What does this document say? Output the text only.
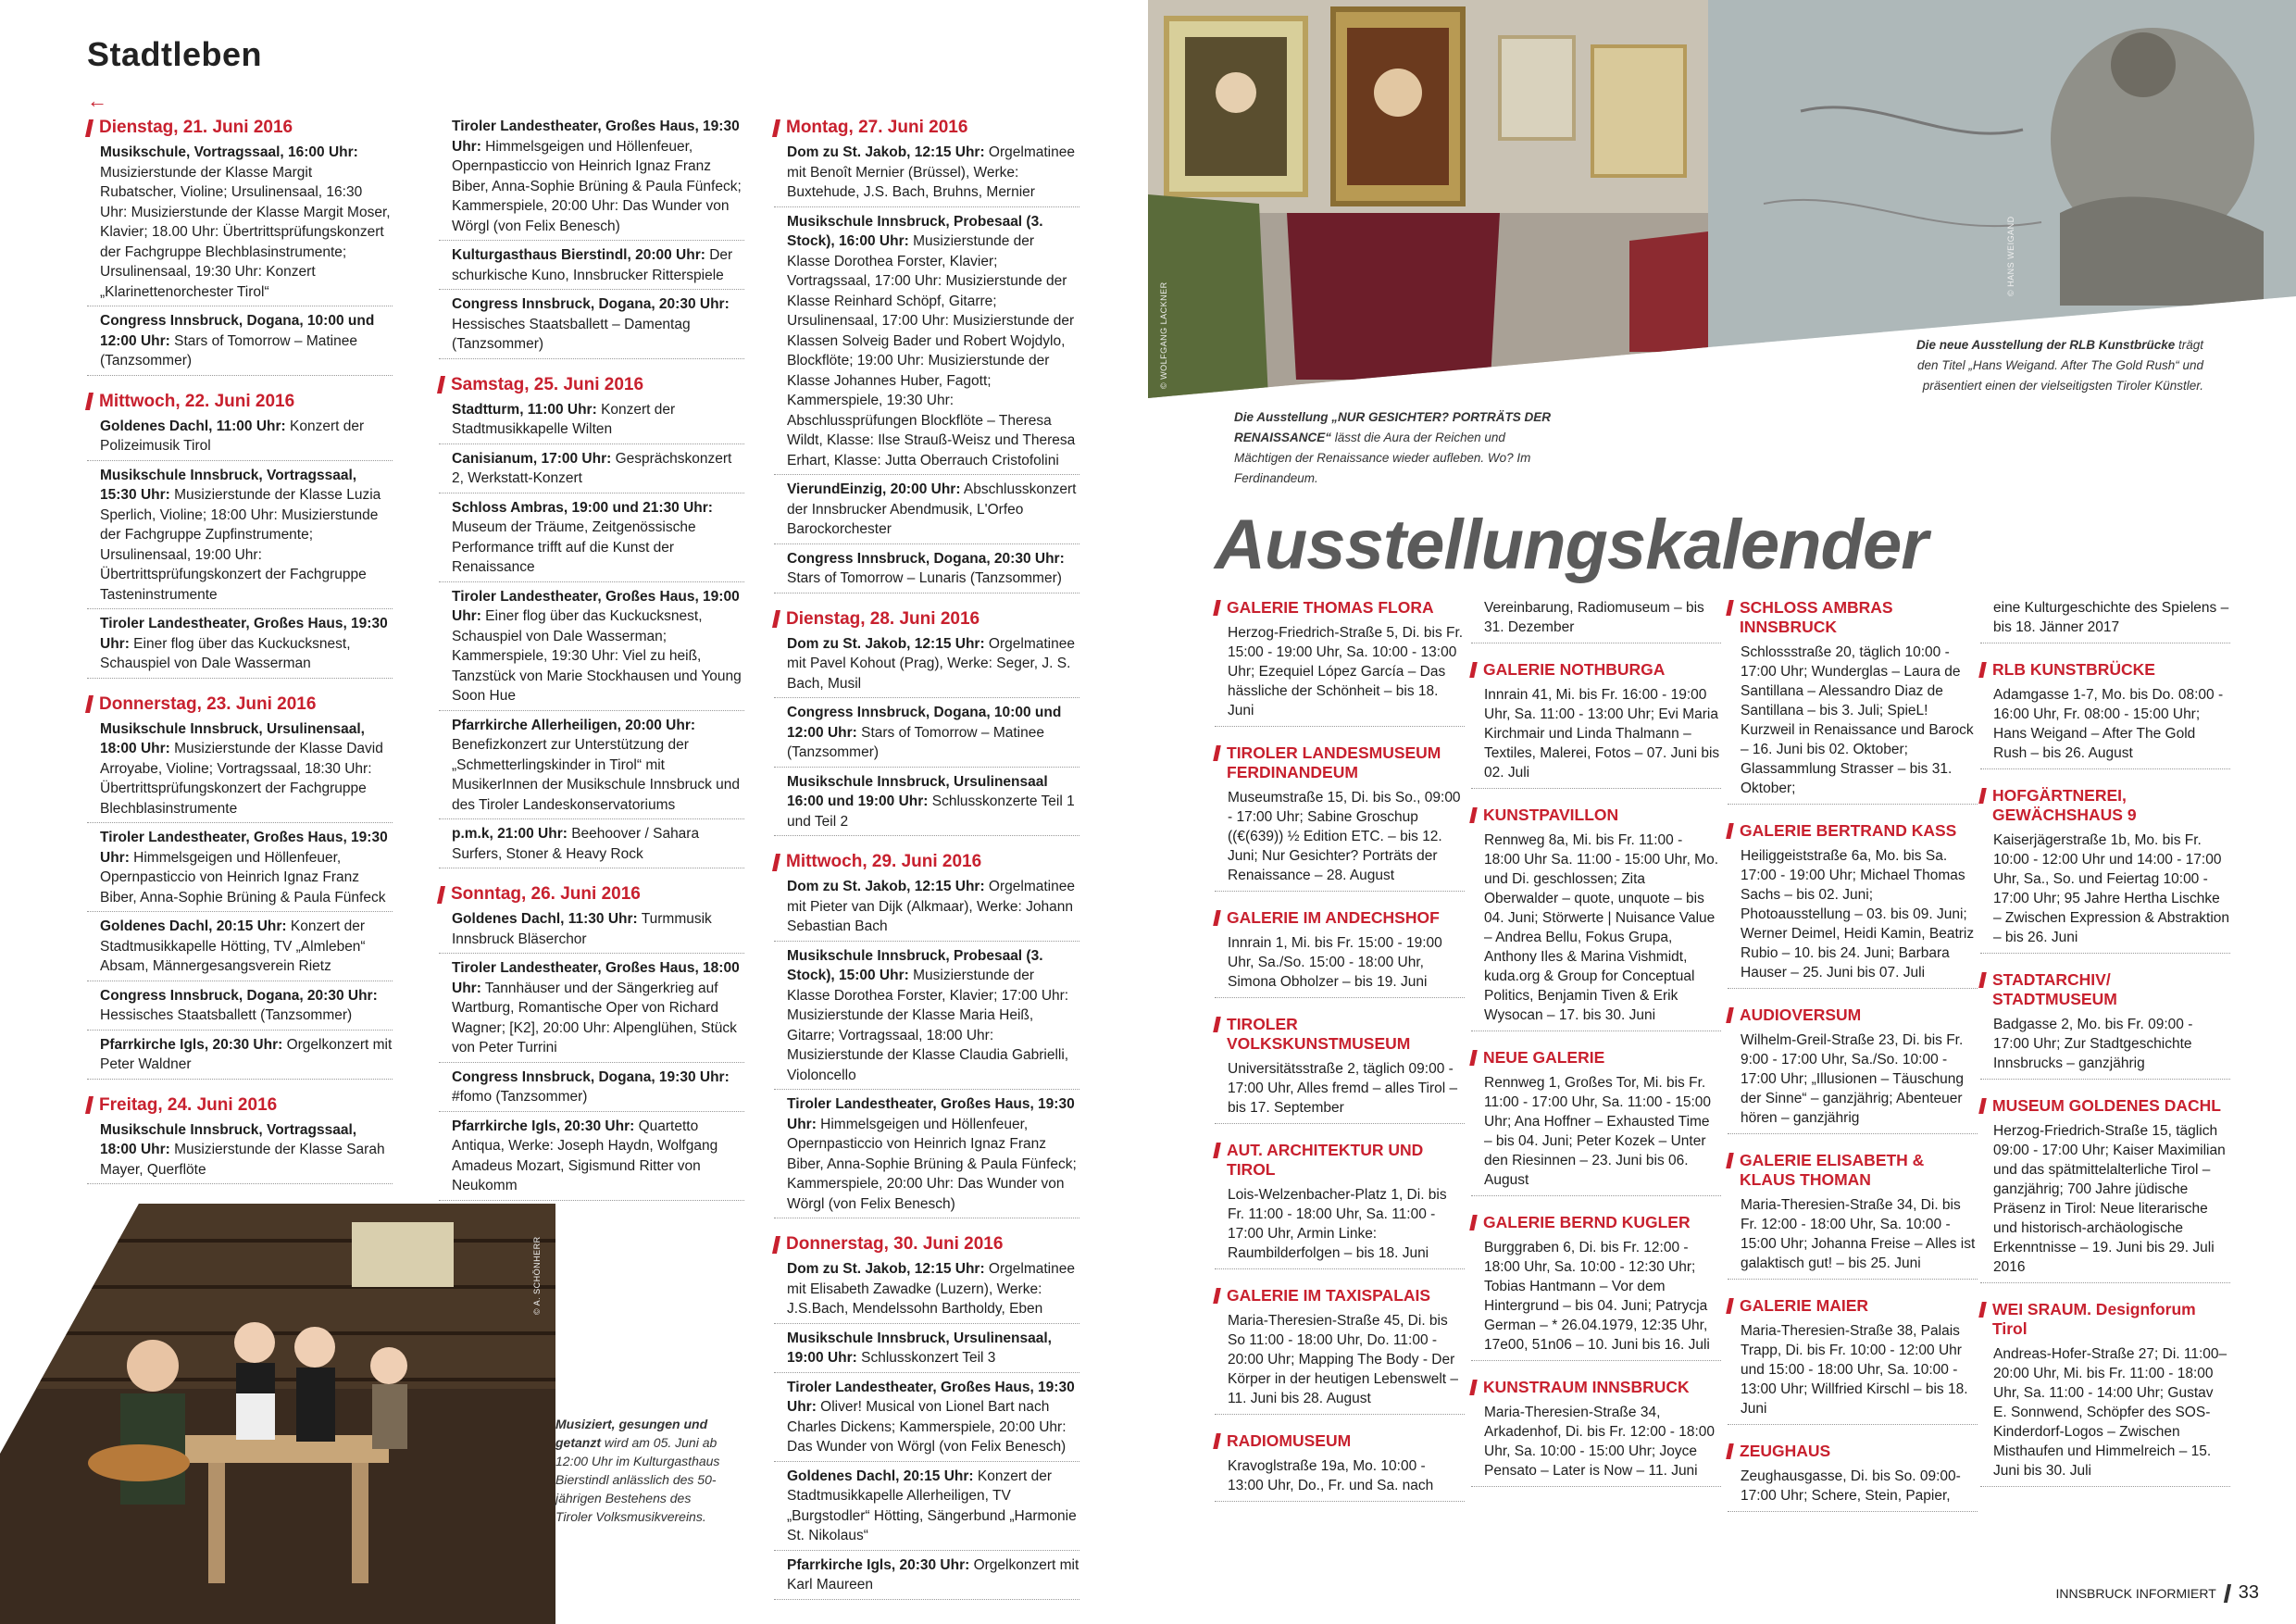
Stadtleben
←
Dienstag, 21. Juni 2016
Musikschule, Vortragssaal, 16:00 Uhr: Musizierstunde der Klasse Margit Rubatscher, Violine; Ursulinensaal, 16:30 Uhr: Musizierstunde der Klasse Margit Moser, Klavier; 18.00 Uhr: Übertrittsprüfungskonzert der Fachgruppe Blechblasinstrumente; Ursulinensaal, 19:30 Uhr: Konzert „Klarinettenorchester Tirol“
Congress Innsbruck, Dogana, 10:00 und 12:00 Uhr: Stars of Tomorrow – Matinee (Tanzsommer)
Mittwoch, 22. Juni 2016
Goldenes Dachl, 11:00 Uhr: Konzert der Polizeimusik Tirol
Musikschule Innsbruck, Vortragssaal, 15:30 Uhr: Musizierstunde der Klasse Luzia Sperlich, Violine; 18:00 Uhr: Musizierstunde der Fachgruppe Zupfinstrumente; Ursulinensaal, 19:00 Uhr: Übertrittsprüfungskonzert der Fachgruppe Tasteninstrumente
Tiroler Landestheater, Großes Haus, 19:30 Uhr: Einer flog über das Kuckucksnest, Schauspiel von Dale Wasserman
Donnerstag, 23. Juni 2016
Musikschule Innsbruck, Ursulinensaal, 18:00 Uhr: Musizierstunde der Klasse David Arroyabe, Violine; Vortragssaal, 18:30 Uhr: Übertrittsprüfungskonzert der Fachgruppe Blechblasinstrumente
Tiroler Landestheater, Großes Haus, 19:30 Uhr: Himmelsgeigen und Höllenfeuer, Opernpasticcio von Heinrich Ignaz Franz Biber, Anna-Sophie Brüning & Paula Fünfeck
Goldenes Dachl, 20:15 Uhr: Konzert der Stadtmusikkapelle Hötting, TV „Almleben“ Absam, Männergesangsverein Rietz
Congress Innsbruck, Dogana, 20:30 Uhr: Hessisches Staatsballett (Tanzsommer)
Pfarrkirche Igls, 20:30 Uhr: Orgelkonzert mit Peter Waldner
Freitag, 24. Juni 2016
Musikschule Innsbruck, Vortragssaal, 18:00 Uhr: Musizierstunde der Klasse Sarah Mayer, Querflöte
Tiroler Landestheater, Großes Haus, 19:30 Uhr: Himmelsgeigen und Höllenfeuer, Opernpasticcio von Heinrich Ignaz Franz Biber, Anna-Sophie Brüning & Paula Fünfeck; Kammerspiele, 20:00 Uhr: Das Wunder von Wörgl (von Felix Benesch)
Kulturgasthaus Bierstindl, 20:00 Uhr: Der schurkische Kuno, Innsbrucker Ritterspiele
Congress Innsbruck, Dogana, 20:30 Uhr: Hessisches Staatsballett – Damentag (Tanzsommer)
Samstag, 25. Juni 2016
Stadtturm, 11:00 Uhr: Konzert der Stadtmusikkapelle Wilten
Canisianum, 17:00 Uhr: Gesprächskonzert 2, Werkstatt-Konzert
Schloss Ambras, 19:00 und 21:30 Uhr: Museum der Träume, Zeitgenössische Performance trifft auf die Kunst der Renaissance
Tiroler Landestheater, Großes Haus, 19:00 Uhr: Einer flog über das Kuckucksnest, Schauspiel von Dale Wasserman; Kammerspiele, 19:30 Uhr: Viel zu heiß, Tanzstück von Marie Stockhausen und Young Soon Hue
Pfarrkirche Allerheiligen, 20:00 Uhr: Benefizkonzert zur Unterstützung der „Schmetterlingskinder in Tirol“ mit MusikerInnen der Musikschule Innsbruck und des Tiroler Landeskonservatoriums
p.m.k, 21:00 Uhr: Beehoover / Sahara Surfers, Stoner & Heavy Rock
Sonntag, 26. Juni 2016
Goldenes Dachl, 11:30 Uhr: Turmmusik Innsbruck Bläserchor
Tiroler Landestheater, Großes Haus, 18:00 Uhr: Tannhäuser und der Sängerkrieg auf Wartburg, Romantische Oper von Richard Wagner; [K2], 20:00 Uhr: Alpenglühen, Stück von Peter Turrini
Congress Innsbruck, Dogana, 19:30 Uhr: #fomo (Tanzsommer)
Pfarrkirche Igls, 20:30 Uhr: Quartetto Antiqua, Werke: Joseph Haydn, Wolfgang Amadeus Mozart, Sigismund Ritter von Neukomm
Montag, 27. Juni 2016
Dom zu St. Jakob, 12:15 Uhr: Orgelmatinee mit Benoît Mernier (Brüssel), Werke: Buxtehude, J.S. Bach, Bruhns, Mernier
Musikschule Innsbruck, Probesaal (3. Stock), 16:00 Uhr: Musizierstunde der Klasse Dorothea Forster, Klavier; Vortragssaal, 17:00 Uhr: Musizierstunde der Klasse Reinhard Schöpf, Gitarre; Ursulinensaal, 17:00 Uhr: Musizierstunde der Klassen Solveig Bader und Robert Wojdylo, Blockflöte; 19:00 Uhr: Musizierstunde der Klasse Johannes Huber, Fagott; Kammerspiele, 19:30 Uhr: Abschlussprüfungen Blockflöte – Theresa Wildt, Klasse: Ilse Strauß-Weisz und Theresa Erhart, Klasse: Jutta Oberrauch Cristofolini
VierundEinzig, 20:00 Uhr: Abschlusskonzert der Innsbrucker Abendmusik, L'Orfeo Barockorchester
Congress Innsbruck, Dogana, 20:30 Uhr: Stars of Tomorrow – Lunaris (Tanzsommer)
Dienstag, 28. Juni 2016
Dom zu St. Jakob, 12:15 Uhr: Orgelmatinee mit Pavel Kohout (Prag), Werke: Seger, J. S. Bach, Musil
Congress Innsbruck, Dogana, 10:00 und 12:00 Uhr: Stars of Tomorrow – Matinee (Tanzsommer)
Musikschule Innsbruck, Ursulinensaal 16:00 und 19:00 Uhr: Schlusskonzerte Teil 1 und Teil 2
Mittwoch, 29. Juni 2016
Dom zu St. Jakob, 12:15 Uhr: Orgelmatinee mit Pieter van Dijk (Alkmaar), Werke: Johann Sebastian Bach
Musikschule Innsbruck, Probesaal (3. Stock), 15:00 Uhr: Musizierstunde der Klasse Dorothea Forster, Klavier; 17:00 Uhr: Musizierstunde der Klasse Maria Heiß, Gitarre; Vortragssaal, 18:00 Uhr: Musizierstunde der Klasse Claudia Gabrielli, Violoncello
Tiroler Landestheater, Großes Haus, 19:30 Uhr: Himmelsgeigen und Höllenfeuer, Opernpasticcio von Heinrich Ignaz Franz Biber, Anna-Sophie Brüning & Paula Fünfeck; Kammerspiele, 20:00 Uhr: Das Wunder von Wörgl (von Felix Benesch)
Donnerstag, 30. Juni 2016
Dom zu St. Jakob, 12:15 Uhr: Orgelmatinee mit Elisabeth Zawadke (Luzern), Werke: J.S.Bach, Mendelssohn Bartholdy, Eben
Musikschule Innsbruck, Ursulinensaal, 19:00 Uhr: Schlusskonzert Teil 3
Tiroler Landestheater, Großes Haus, 19:30 Uhr: Oliver! Musical von Lionel Bart nach Charles Dickens; Kammerspiele, 20:00 Uhr: Das Wunder von Wörgl (von Felix Benesch)
Goldenes Dachl, 20:15 Uhr: Konzert der Stadtmusikkapelle Allerheiligen, TV „Burgstodler“ Hötting, Sängerbund „Harmonie St. Nikolaus“
Pfarrkirche Igls, 20:30 Uhr: Orgelkonzert mit Karl Maureen
© A. SCHÖNHERR
Musiziert, gesungen und getanzt wird am 05. Juni ab 12:00 Uhr im Kulturgasthaus Bierstindl anlässlich des 50-jährigen Bestehens des Tiroler Volksmusikvereins.
© WOLFGANG LACKNER
© HANS WEIGAND
Die Ausstellung „NUR GESICHTER? PORTRÄTS DER RENAISSANCE“ lässt die Aura der Reichen und Mächtigen der Renaissance wieder aufleben. Wo? Im Ferdinandeum.
Die neue Ausstellung der RLB Kunstbrücke trägt den Titel „Hans Weigand. After The Gold Rush“ und präsentiert einen der vielseitigsten Tiroler Künstler.
Ausstellungskalender
GALERIE THOMAS FLORA
Herzog-Friedrich-Straße 5, Di. bis Fr. 15:00 - 19:00 Uhr, Sa. 10:00 - 13:00 Uhr; Ezequiel López García – Das hässliche der Schönheit – bis 18. Juni
TIROLER LANDESMUSEUM FERDINANDEUM
Museumstraße 15, Di. bis So., 09:00 - 17:00 Uhr; Sabine Groschup ((€(639)) ½ Edition ETC. – bis 12. Juni; Nur Gesichter? Porträts der Renaissance – 28. August
GALERIE IM ANDECHSHOF
Innrain 1, Mi. bis Fr. 15:00 - 19:00 Uhr, Sa./So. 15:00 - 18:00 Uhr, Simona Obholzer – bis 19. Juni
TIROLER VOLKSKUNSTMUSEUM
Universitätsstraße 2, täglich 09:00 - 17:00 Uhr, Alles fremd – alles Tirol – bis 17. September
AUT. ARCHITEKTUR UND TIROL
Lois-Welzenbacher-Platz 1, Di. bis Fr. 11:00 - 18:00 Uhr, Sa. 11:00 - 17:00 Uhr, Armin Linke: Raumbilderfolgen – bis 18. Juni
GALERIE IM TAXISPALAIS
Maria-Theresien-Straße 45, Di. bis So 11:00 - 18:00 Uhr, Do. 11:00 - 20:00 Uhr; Mapping The Body - Der Körper in der heutigen Lebenswelt – 11. Juni bis 28. August
RADIOMUSEUM
Kravoglstraße 19a, Mo. 10:00 - 13:00 Uhr, Do., Fr. und Sa. nach
Vereinbarung, Radiomuseum – bis 31. Dezember
GALERIE NOTHBURGA
Innrain 41, Mi. bis Fr. 16:00 - 19:00 Uhr, Sa. 11:00 - 13:00 Uhr; Evi Maria Kirchmair und Linda Thalmann – Textiles, Malerei, Fotos – 07. Juni bis 02. Juli
KUNSTPAVILLON
Rennweg 8a, Mi. bis Fr. 11:00 - 18:00 Uhr Sa. 11:00 - 15:00 Uhr, Mo. und Di. geschlossen; Zita Oberwalder – quote, unquote – bis 04. Juni; Störwerte | Nuisance Value – Andrea Bellu, Fokus Grupa, Anthony Iles & Marina Vishmidt, kuda.org & Group for Conceptual Politics, Benjamin Tiven & Erik Wysocan – 17. bis 30. Juni
NEUE GALERIE
Rennweg 1, Großes Tor, Mi. bis Fr. 11:00 - 17:00 Uhr, Sa. 11:00 - 15:00 Uhr; Ana Hoffner – Exhausted Time – bis 04. Juni; Peter Kozek – Unter den Riesinnen – 23. Juni bis 06. August
GALERIE BERND KUGLER
Burggraben 6, Di. bis Fr. 12:00 - 18:00 Uhr, Sa. 10:00 - 12:30 Uhr; Tobias Hantmann – Vor dem Hintergrund – bis 04. Juni; Patrycja German – * 26.04.1979, 12:35 Uhr, 17e00, 51n06 – 10. Juni bis 16. Juli
KUNSTRAUM INNSBRUCK
Maria-Theresien-Straße 34, Arkadenhof, Di. bis Fr. 12:00 - 18:00 Uhr, Sa. 10:00 - 15:00 Uhr; Joyce Pensato – Later is Now – 11. Juni
SCHLOSS AMBRAS INNSBRUCK
Schlossstraße 20, täglich 10:00 - 17:00 Uhr; Wunderglas – Laura de Santillana – Alessandro Diaz de Santillana – bis 3. Juli; SpieL! Kurzweil in Renaissance und Barock – 16. Juni bis 02. Oktober; Glassammlung Strasser – bis 31. Oktober;
GALERIE BERTRAND KASS
Heiliggeiststraße 6a, Mo. bis Sa. 17:00 - 19:00 Uhr; Michael Thomas Sachs – bis 02. Juni; Photoausstellung – 03. bis 09. Juni; Werner Deimel, Heidi Kamin, Beatriz Rubio – 10. bis 24. Juni; Barbara Hauser – 25. Juni bis 07. Juli
AUDIOVERSUM
Wilhelm-Greil-Straße 23, Di. bis Fr. 9:00 - 17:00 Uhr, Sa./So. 10:00 - 17:00 Uhr; „Illusionen – Täuschung der Sinne“ – ganzjährig; Abenteuer hören – ganzjährig
GALERIE ELISABETH & KLAUS THOMAN
Maria-Theresien-Straße 34, Di. bis Fr. 12:00 - 18:00 Uhr, Sa. 10:00 - 15:00 Uhr; Johanna Freise – Alles ist galaktisch gut! – bis 25. Juni
GALERIE MAIER
Maria-Theresien-Straße 38, Palais Trapp, Di. bis Fr. 10:00 - 12:00 Uhr und 15:00 - 18:00 Uhr, Sa. 10:00 - 13:00 Uhr; Willfried Kirschl – bis 18. Juni
ZEUGHAUS
Zeughausgasse, Di. bis So. 09:00-17:00 Uhr; Schere, Stein, Papier,
eine Kulturgeschichte des Spielens – bis 18. Jänner 2017
RLB KUNSTBRÜCKE
Adamgasse 1-7, Mo. bis Do. 08:00 - 16:00 Uhr, Fr. 08:00 - 15:00 Uhr; Hans Weigand – After The Gold Rush – bis 26. August
HOFGÄRTNEREI, GEWÄCHSHAUS 9
Kaiserjägerstraße 1b, Mo. bis Fr. 10:00 - 12:00 Uhr und 14:00 - 17:00 Uhr, Sa., So. und Feiertag 10:00 - 17:00 Uhr; 95 Jahre Hertha Lischke – Zwischen Expression & Abstraktion – bis 26. Juni
STADTARCHIV/ STADTMUSEUM
Badgasse 2, Mo. bis Fr. 09:00 - 17:00 Uhr; Zur Stadtgeschichte Innsbrucks – ganzjährig
MUSEUM GOLDENES DACHL
Herzog-Friedrich-Straße 15, täglich 09:00 - 17:00 Uhr; Kaiser Maximilian und das spätmittelalterliche Tirol – ganzjährig; 700 Jahre jüdische Präsenz in Tirol: Neue literarische und historisch-archäologische Erkenntnisse – 19. Juni bis 29. Juli 2016
WEI SRAUM. Designforum Tirol
Andreas-Hofer-Straße 27; Di. 11:00–20:00 Uhr, Mi. bis Fr. 11:00 - 18:00 Uhr, Sa. 11:00 - 14:00 Uhr; Gustav E. Sonnwend, Schöpfer des SOS-Kinderdorf-Logos – Zwischen Misthaufen und Himmelreich – 15. Juni bis 30. Juli
INNSBRUCK INFORMIERT 33
